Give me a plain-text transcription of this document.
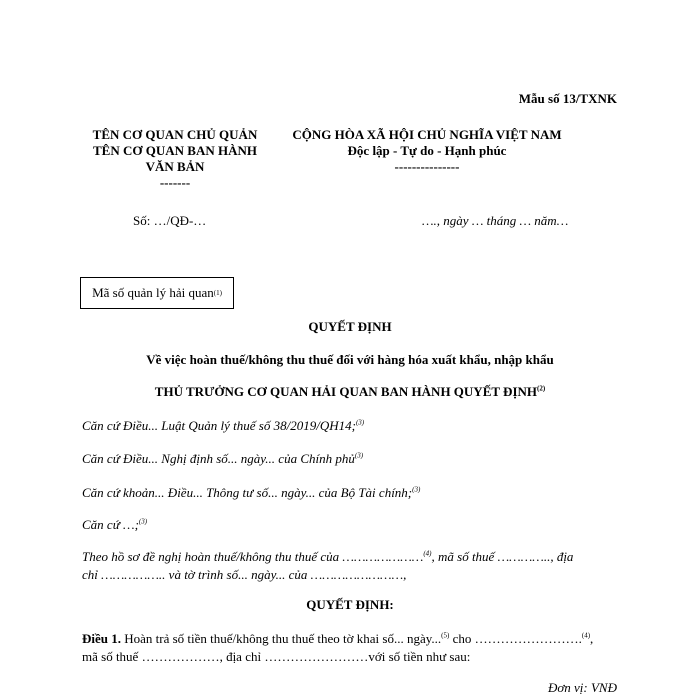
Mẫu số 13/TXNK
TÊN CƠ QUAN CHỦ QUẢN
TÊN CƠ QUAN BAN HÀNH
VĂN BẢN
-------
CỘNG HÒA XÃ HỘI CHỦ NGHĨA VIỆT NAM
Độc lập - Tự do - Hạnh phúc
---------------
Số: …/QĐ-…	…., ngày … tháng … năm…
Mã số quản lý hải quan (1)
QUYẾT ĐỊNH
Về việc hoàn thuế/không thu thuế đối với hàng hóa xuất khẩu, nhập khẩu
THỦ TRƯỞNG CƠ QUAN HẢI QUAN BAN HÀNH QUYẾT ĐỊNH$^{(2)}$
Căn cứ Điều... Luật Quản lý thuế số 38/2019/QH14;$^{(3)}$
Căn cứ Điều... Nghị định số... ngày... của Chính phủ$^{(3)}$
Căn cứ khoản... Điều... Thông tư số... ngày... của Bộ Tài chính;$^{(3)}$
Căn cứ …;$^{(3)}$
Theo hồ sơ đề nghị hoàn thuế/không thu thuế của …………………$^{(4)}$, mã số thuế ………….., địa
chỉ …………….. và tờ trình số... ngày... của ……………………,
QUYẾT ĐỊNH:
Điều 1. Hoàn trả số tiền thuế/không thu thuế theo tờ khai số... ngày...$^{(5)}$ cho …………………….$^{(4)}$,
mã số thuế ………………, địa chỉ ……………………với số tiền như sau:
Đơn vị: VNĐ
